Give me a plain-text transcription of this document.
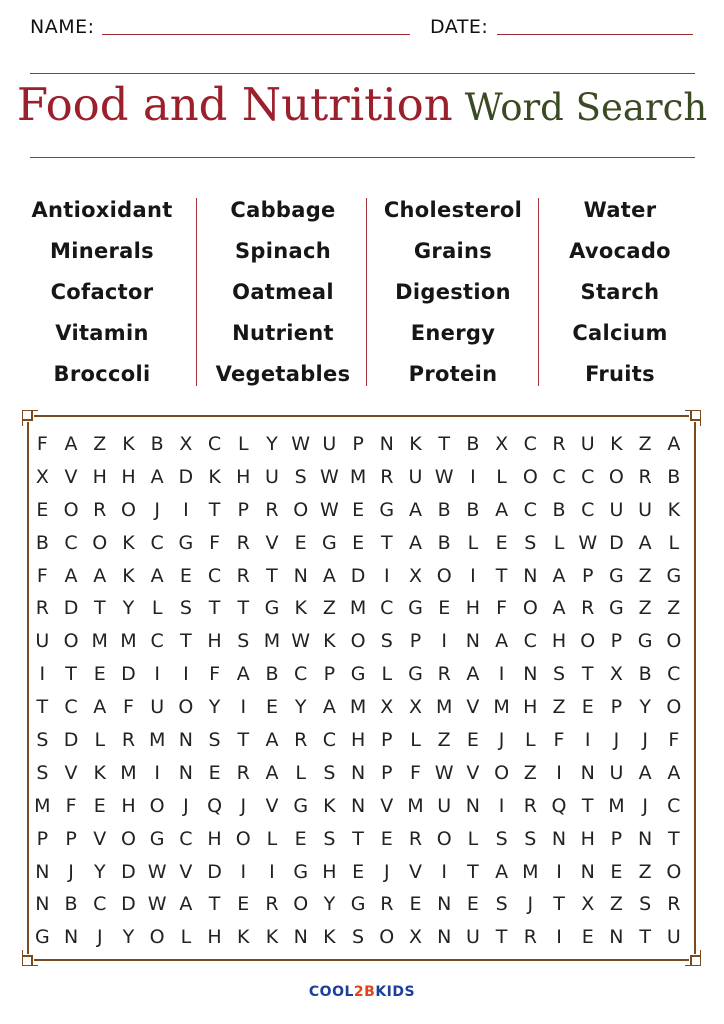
NAME:	DATE:
Food and Nutrition Word Search
Antioxidant
Minerals
Cofactor
Vitamin
Broccoli
Cabbage
Spinach
Oatmeal
Nutrient
Vegetables
Cholesterol
Grains
Digestion
Energy
Protein
Water
Avocado
Starch
Calcium
Fruits
F A Z K B X C L Y W U P N K T B X C R U K Z A
X V H H A D K H U S W M R U W I	L O C C O R B
E O R O J	I	T P R O W E G A B B A C B C U U K
B C O K C G F R V E G E T A B L E S L W D A L
F A A K A E C R T N A D I	X O I	T N A P G Z G
R D T Y L S T T G K Z M C G E H F O A R G Z Z
U O M M C T H S M W K O S P	I N A C H O P G O
I	T E D I	I	F A B C P G L G R A	I N S T X B C
T C A F U O Y	I	E Y A M X X M V M H Z E P Y O
S D L R M N S T A R C H P L Z E	J	L F	I	J	J	F
S V K M I N E R A L S N P F W V O Z	I N U A A
M F E H O J Q J	V G K N V M U N I	R Q T M J	C
P P V O G C H O L E S T E R O L S S N H P N T
N J	Y D W V D I	I G H E	J	V	I	T A M I N E Z O
N B C D W A T E R O Y G R E N E S	J	T X Z S R
G N J	Y O L H K K N K S O X N U T R	I	E N T U
COOL2BKIDS
